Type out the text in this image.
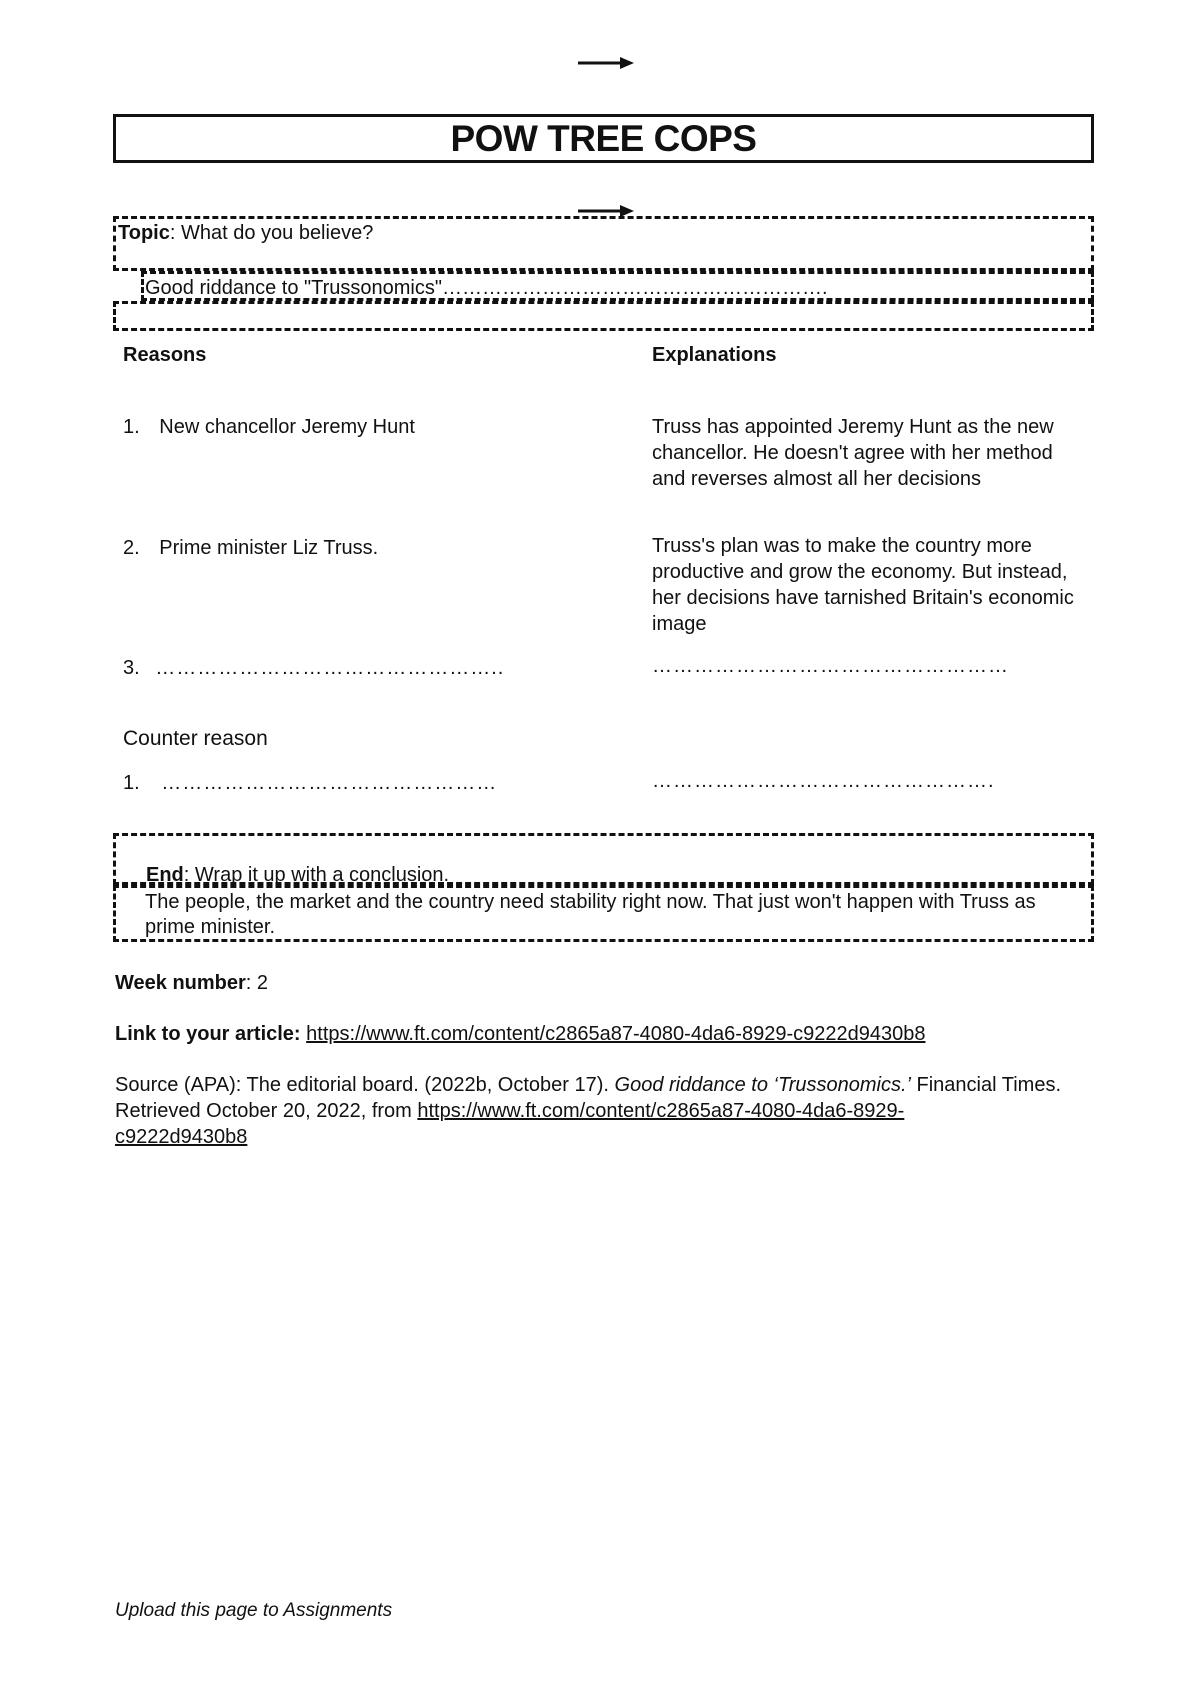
POW TREE COPS
Topic: What do you believe?
Good riddance to "Trussonomics"………………………………………………….
Reasons	Explanations
1. New chancellor Jeremy Hunt	Truss has appointed Jeremy Hunt as the new chancellor. He doesn't agree with her method and reverses almost all her decisions
2. Prime minister Liz Truss.	Truss's plan was to make the country more productive and grow the economy. But instead, her decisions have tarnished Britain's economic image
3. …………………………………………..	……………………………………………
Counter reason
1. …………………………………………	………………………………………….
End: Wrap it up with a conclusion.
The people, the market and the country need stability right now. That just won't happen with Truss as prime minister.
Week number: 2
Link to your article: https://www.ft.com/content/c2865a87-4080-4da6-8929-c9222d9430b8
Source (APA): The editorial board. (2022b, October 17). Good riddance to ‘Trussonomics.’ Financial Times. Retrieved October 20, 2022, from https://www.ft.com/content/c2865a87-4080-4da6-8929-
c9222d9430b8
Upload this page to Assignments
